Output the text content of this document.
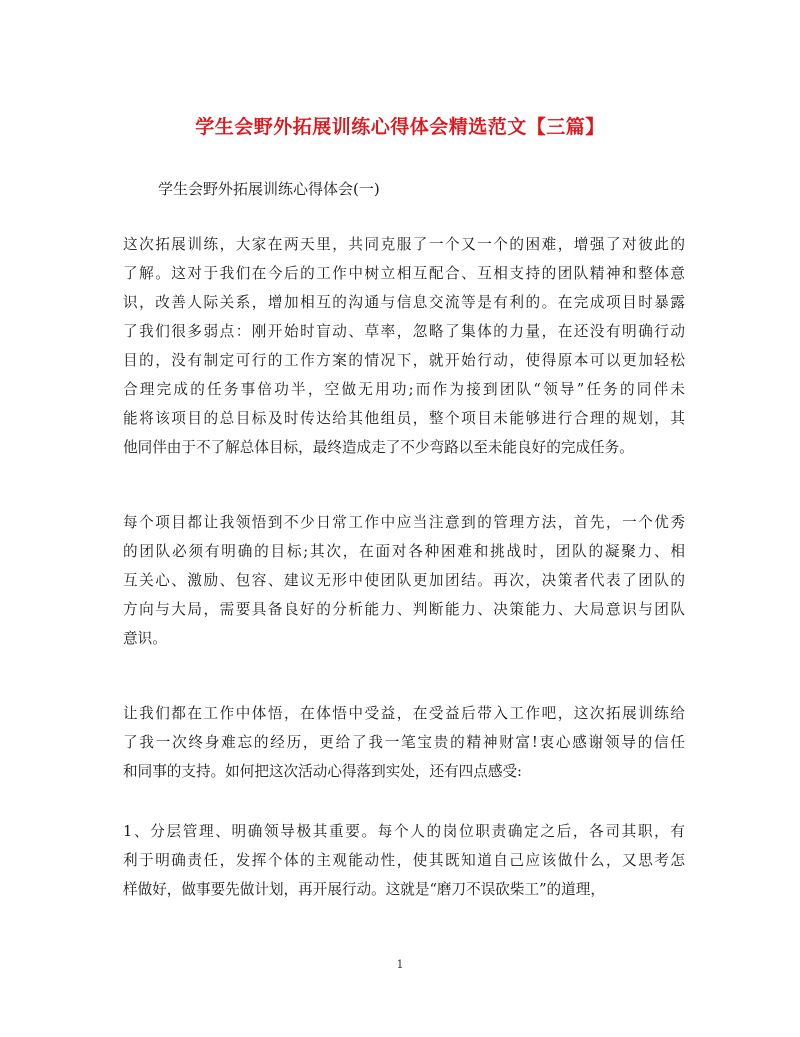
学生会野外拓展训练心得体会精选范文【三篇】
学生会野外拓展训练心得体会(一)
这次拓展训练，大家在两天里，共同克服了一个又一个的困难，增强了对彼此的
了解。这对于我们在今后的工作中树立相互配合、互相支持的团队精神和整体意
识，改善人际关系，增加相互的沟通与信息交流等是有利的。在完成项目时暴露
了我们很多弱点：刚开始时盲动、草率，忽略了集体的力量，在还没有明确行动
目的，没有制定可行的工作方案的情况下，就开始行动，使得原本可以更加轻松
合理完成的任务事倍功半，空做无用功;而作为接到团队“领导”任务的同伴未
能将该项目的总目标及时传达给其他组员，整个项目未能够进行合理的规划，其
他同伴由于不了解总体目标，最终造成走了不少弯路以至未能良好的完成任务。
每个项目都让我领悟到不少日常工作中应当注意到的管理方法，首先，一个优秀
的团队必须有明确的目标;其次，在面对各种困难和挑战时，团队的凝聚力、相
互关心、激励、包容、建议无形中使团队更加团结。再次，决策者代表了团队的
方向与大局，需要具备良好的分析能力、判断能力、决策能力、大局意识与团队
意识。
让我们都在工作中体悟，在体悟中受益，在受益后带入工作吧，这次拓展训练给
了我一次终身难忘的经历，更给了我一笔宝贵的精神财富!衷心感谢领导的信任
和同事的支持。如何把这次活动心得落到实处，还有四点感受:
1、分层管理、明确领导极其重要。每个人的岗位职责确定之后，各司其职，有
利于明确责任，发挥个体的主观能动性，使其既知道自己应该做什么，又思考怎
样做好，做事要先做计划，再开展行动。这就是“磨刀不误砍柴工”的道理，
1
